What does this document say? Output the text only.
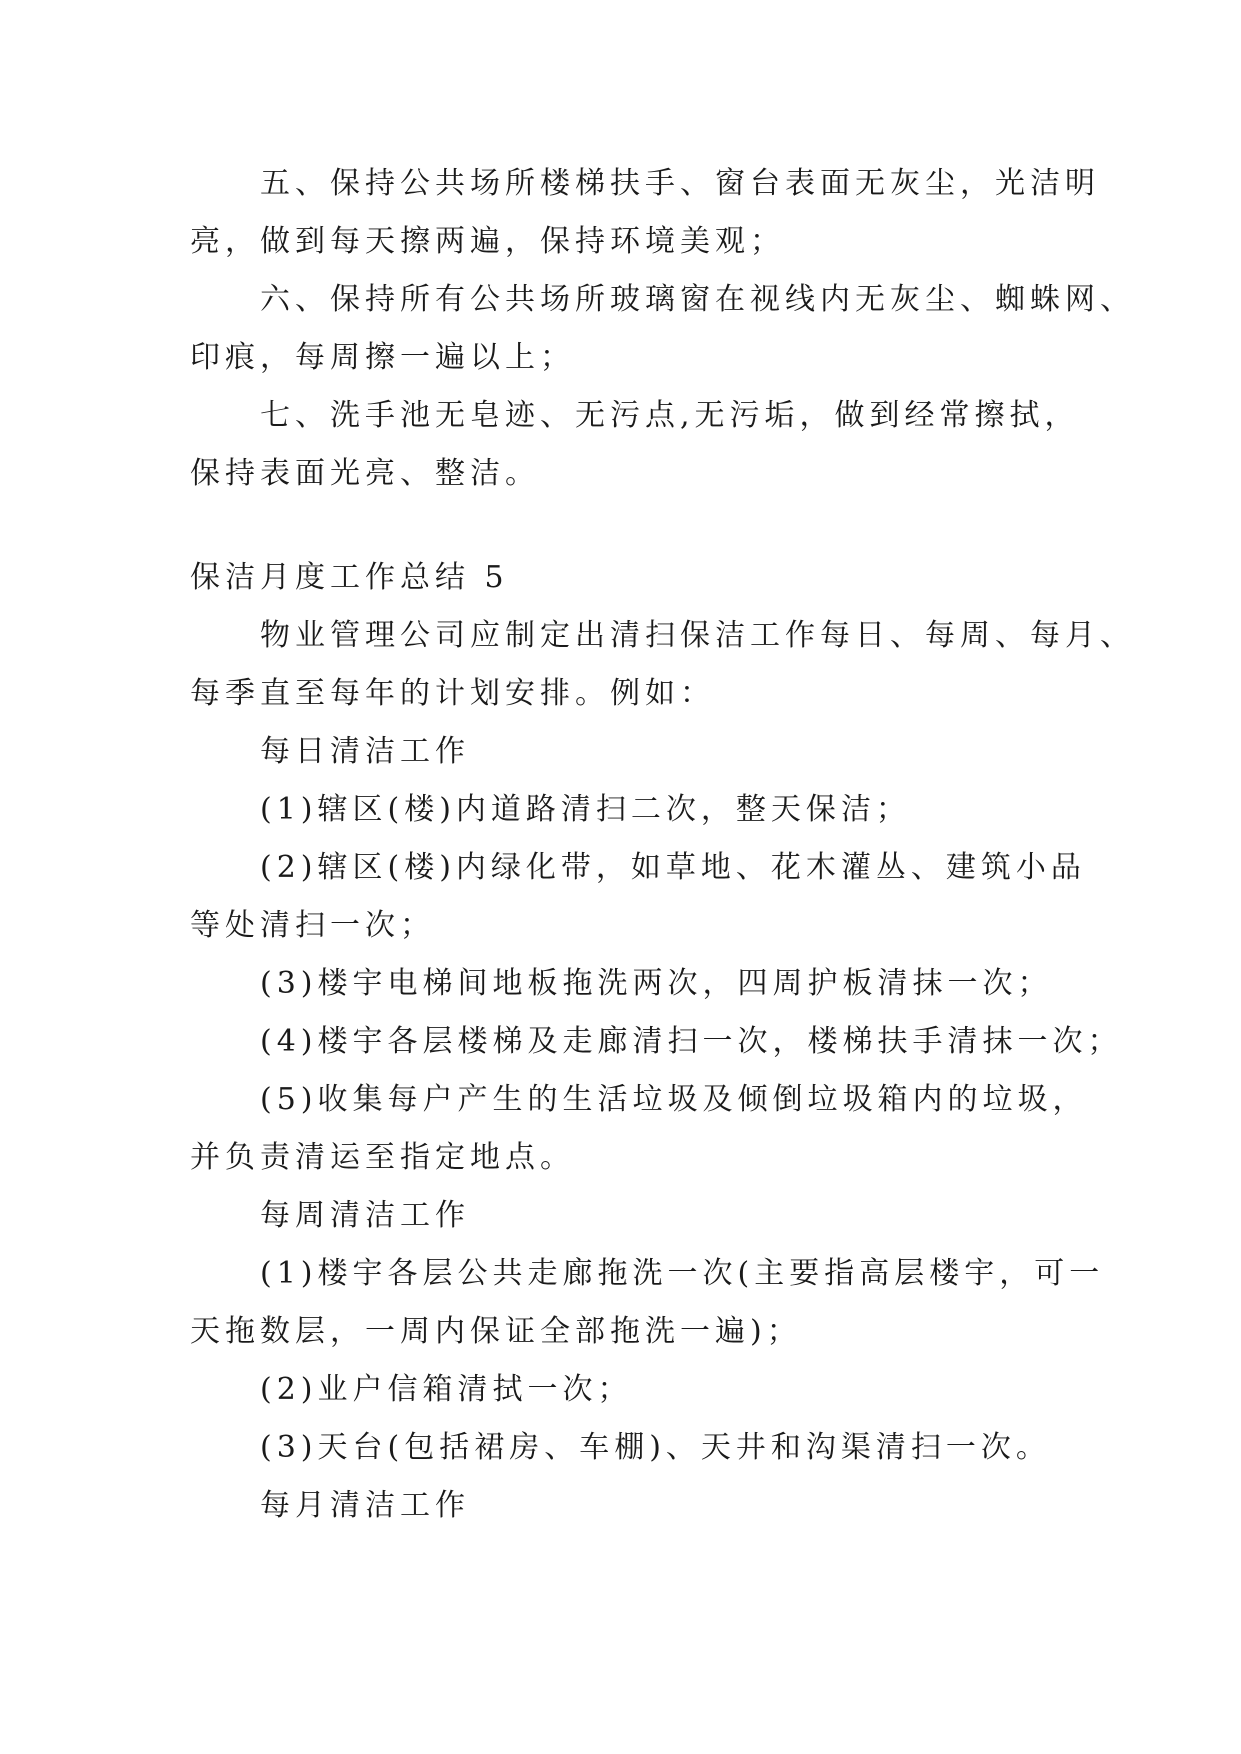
五、保持公共场所楼梯扶手、窗台表面无灰尘，光洁明

亮，做到每天擦两遍，保持环境美观；

六、保持所有公共场所玻璃窗在视线内无灰尘、蜘蛛网、

印痕，每周擦一遍以上；

七、洗手池无皂迹、无污点,无污垢，做到经常擦拭，

保持表面光亮、整洁。

保洁月度工作总结 5

物业管理公司应制定出清扫保洁工作每日、每周、每月、

每季直至每年的计划安排。例如：

每日清洁工作

(1)辖区(楼)内道路清扫二次，整天保洁；

(2)辖区(楼)内绿化带，如草地、花木灌丛、建筑小品

等处清扫一次；

(3)楼宇电梯间地板拖洗两次，四周护板清抹一次；

(4)楼宇各层楼梯及走廊清扫一次，楼梯扶手清抹一次；

(5)收集每户产生的生活垃圾及倾倒垃圾箱内的垃圾，

并负责清运至指定地点。

每周清洁工作

(1)楼宇各层公共走廊拖洗一次(主要指高层楼宇，可一

天拖数层，一周内保证全部拖洗一遍)；

(2)业户信箱清拭一次；

(3)天台(包括裙房、车棚)、天井和沟渠清扫一次。

每月清洁工作
